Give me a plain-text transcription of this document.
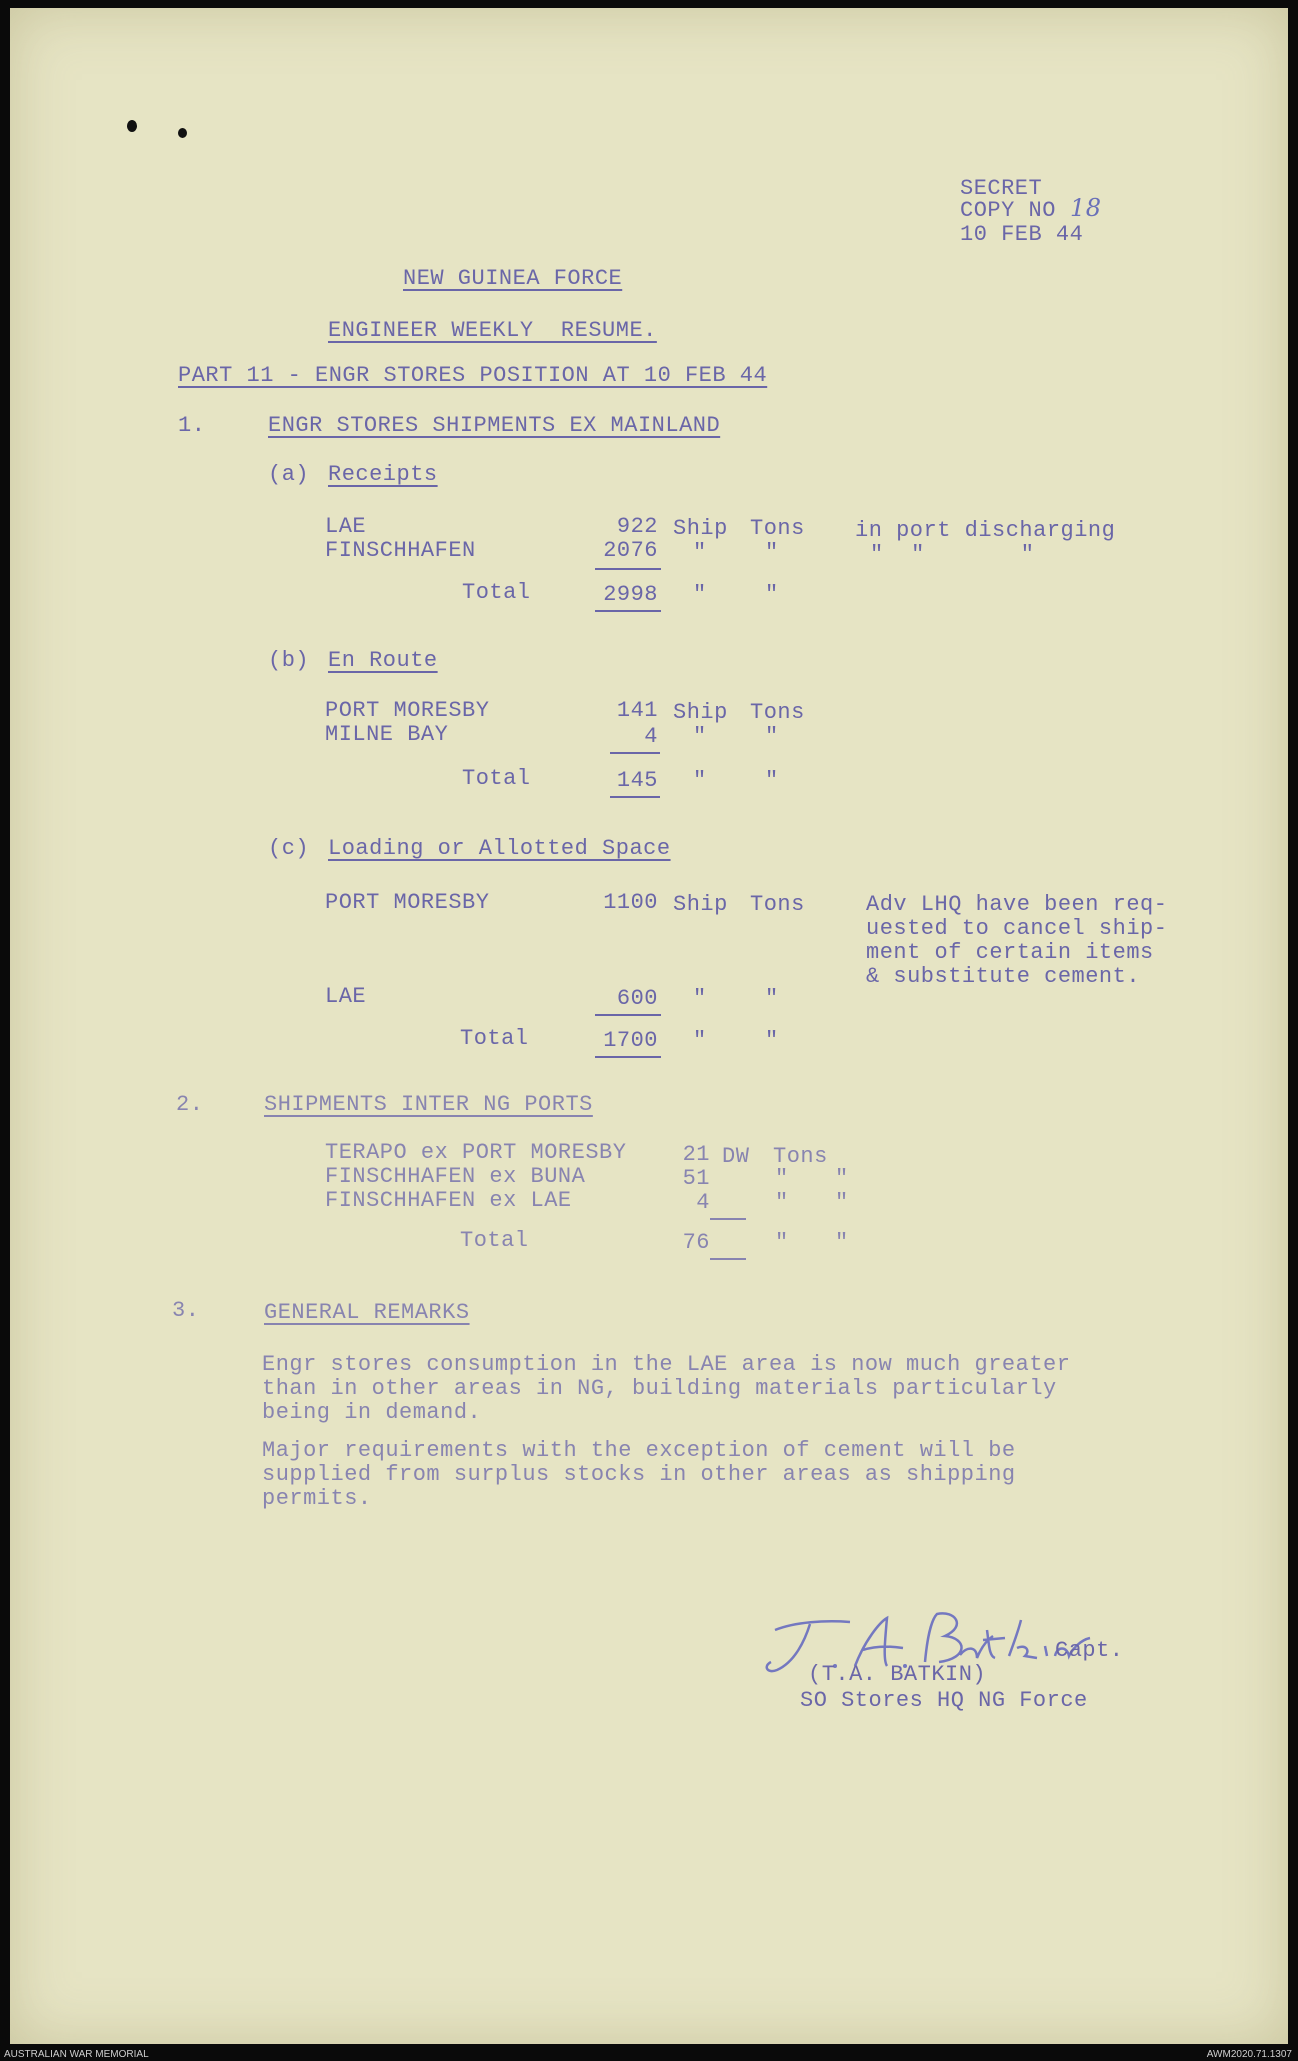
SECRET
COPY NO 18
10 FEB 44
NEW GUINEA FORCE
ENGINEER WEEKLY  RESUME.
PART 11 - ENGR STORES POSITION AT 10 FEB 44
1.	ENGR STORES SHIPMENTS EX MAINLAND
(a) Receipts
LAE	922 Ship Tons in port discharging
FINSCHHAFEN	2076 "	"	"  "       "
Total	2998 "	"
(b) En Route
PORT MORESBY	141 Ship Tons
MILNE BAY	4 "	"
Total	145 "	"
(c) Loading or Allotted Space
PORT MORESBY	1100 Ship Tons	Adv LHQ have been req-
uested to cancel ship-
ment of certain items
& substitute cement.
LAE	600 "	"
Total	1700 "	"
2.	SHIPMENTS INTER NG PORTS
TERAPO ex PORT MORESBY	21 DW Tons
FINSCHHAFEN ex BUNA	51	" "
FINSCHHAFEN ex LAE	4	" "
Total	76	" "
3.	GENERAL REMARKS
Engr stores consumption in the LAE area is now much greater
than in other areas in NG, building materials particularly
being in demand.
Major requirements with the exception of cement will be
supplied from surplus stocks in other areas as shipping
permits.
Capt.
(T.A. BATKIN)
SO Stores HQ NG Force
AUSTRALIAN WAR MEMORIAL	AWM2020.71.1307
